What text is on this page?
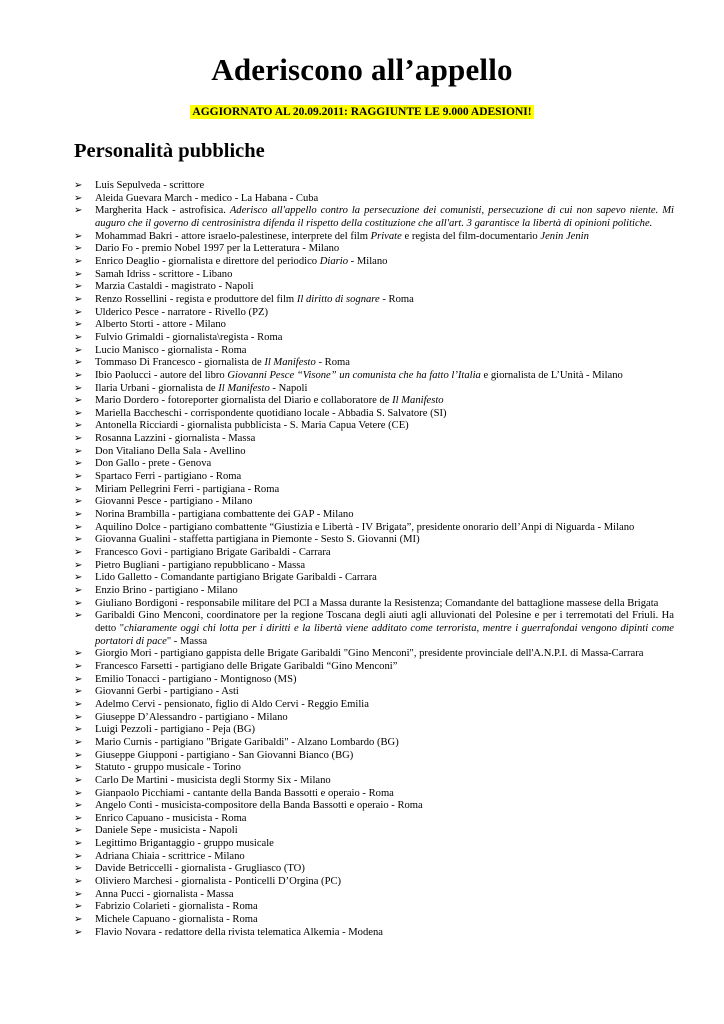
Aderiscono all’appello
AGGIORNATO AL 20.09.2011: RAGGIUNTE LE 9.000 ADESIONI!
Personalità pubbliche
➢	Luis Sepulveda - scrittore
➢	Aleida Guevara March - medico - La Habana - Cuba
➢	Margherita Hack - astrofisica. Aderisco all'appello contro la persecuzione dei comunisti, persecuzione di cui non sapevo niente. Mi auguro che il governo di centrosinistra difenda il rispetto della costituzione che all'art. 3 garantisce la libertà di opinioni politiche.
➢	Mohammad Bakri - attore israelo-palestinese, interprete del film Private e regista del film-documentario Jenin Jenin
➢	Dario Fo - premio Nobel 1997 per la Letteratura - Milano
➢	Enrico Deaglio - giornalista e direttore del periodico Diario - Milano
➢	Samah Idriss - scrittore - Libano
➢	Marzia Castaldi - magistrato - Napoli
➢	Renzo Rossellini - regista e produttore del film Il diritto di sognare - Roma
➢	Ulderico Pesce - narratore - Rivello (PZ)
➢	Alberto Storti - attore - Milano
➢	Fulvio Grimaldi - giornalista\regista - Roma
➢	Lucio Manisco - giornalista - Roma
➢	Tommaso Di Francesco - giornalista de Il Manifesto - Roma
➢	Ibio Paolucci - autore del libro Giovanni Pesce “Visone” un comunista che ha fatto l’Italia e giornalista de L’Unità - Milano
➢	Ilaria Urbani - giornalista de Il Manifesto - Napoli
➢	Mario Dordero - fotoreporter giornalista del Diario e collaboratore de Il Manifesto
➢	Mariella Baccheschi - corrispondente quotidiano locale - Abbadia S. Salvatore (SI)
➢	Antonella Ricciardi - giornalista pubblicista - S. Maria Capua Vetere (CE)
➢	Rosanna Lazzini - giornalista - Massa
➢	Don Vitaliano Della Sala - Avellino
➢	Don Gallo - prete - Genova
➢	Spartaco Ferri - partigiano - Roma
➢	Miriam Pellegrini Ferri - partigiana - Roma
➢	Giovanni Pesce - partigiano - Milano
➢	Norina Brambilla - partigiana combattente dei GAP - Milano
➢	Aquilino Dolce - partigiano combattente “Giustizia e Libertà - IV Brigata”, presidente onorario dell’Anpi di Niguarda - Milano
➢	Giovanna Gualini - staffetta partigiana in Piemonte - Sesto S. Giovanni (MI)
➢	Francesco Govi - partigiano Brigate Garibaldi - Carrara
➢	Pietro Bugliani - partigiano repubblicano - Massa
➢	Lido Galletto - Comandante partigiano Brigate Garibaldi - Carrara
➢	Enzio Brino - partigiano - Milano
➢	Giuliano Bordigoni - responsabile militare del PCI a Massa durante la Resistenza; Comandante del battaglione massese della Brigata
➢	Garibaldi Gino Menconi, coordinatore per la regione Toscana degli aiuti agli alluvionati del Polesine e per i terremotati del Friuli. Ha detto "chiaramente oggi chi lotta per i diritti e la libertà viene additato come terrorista, mentre i guerrafondai vengono dipinti come portatori di pace" - Massa
➢	Giorgio Mori - partigiano gappista delle Brigate Garibaldi "Gino Menconi", presidente provinciale dell'A.N.P.I. di Massa-Carrara
➢	Francesco Farsetti - partigiano delle Brigate Garibaldi “Gino Menconi”
➢	Emilio Tonacci - partigiano - Montignoso (MS)
➢	Giovanni Gerbi - partigiano - Asti
➢	Adelmo Cervi - pensionato, figlio di Aldo Cervi - Reggio Emilia
➢	Giuseppe D’Alessandro - partigiano - Milano
➢	Luigi Pezzoli - partigiano - Peja (BG)
➢	Mario Curnis - partigiano "Brigate Garibaldi" - Alzano Lombardo (BG)
➢	Giuseppe Giupponi - partigiano - San Giovanni Bianco (BG)
➢	Statuto - gruppo musicale - Torino
➢	Carlo De Martini - musicista degli Stormy Six - Milano
➢	Gianpaolo Picchiami - cantante della Banda Bassotti e operaio - Roma
➢	Angelo Conti - musicista-compositore della Banda Bassotti e operaio - Roma
➢	Enrico Capuano - musicista - Roma
➢	Daniele Sepe - musicista - Napoli
➢	Legittimo Brigantaggio - gruppo musicale
➢	Adriana Chiaia - scrittrice - Milano
➢	Davide Betriccelli - giornalista - Grugliasco (TO)
➢	Oliviero Marchesi - giornalista - Ponticelli D’Orgina (PC)
➢	Anna Pucci - giornalista - Massa
➢	Fabrizio Colarieti - giornalista - Roma
➢	Michele Capuano - giornalista - Roma
➢	Flavio Novara - redattore della rivista telematica Alkemia - Modena
